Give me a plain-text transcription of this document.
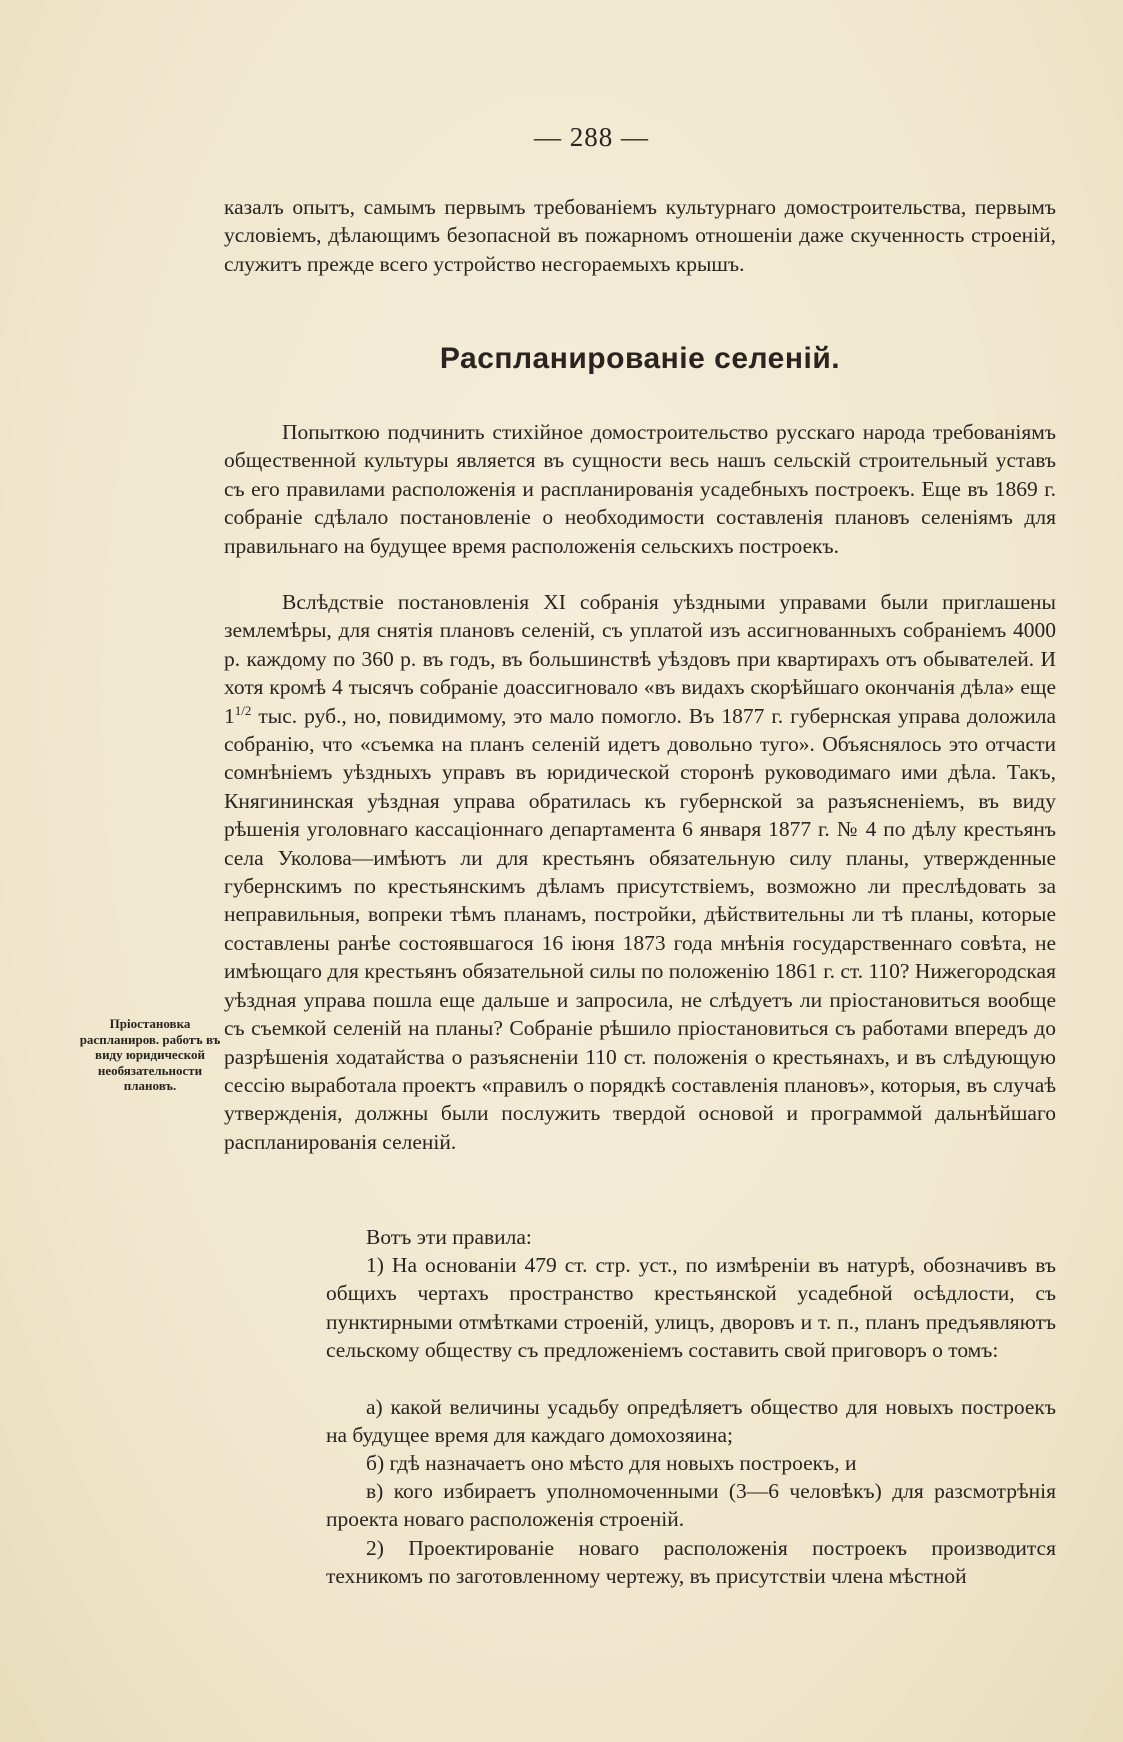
— 288 —

казалъ опытъ, самымъ первымъ требованіемъ культурнаго домостроительства, первымъ условіемъ, дѣлающимъ безопасной въ пожарномъ отношеніи даже скученность строеній, служитъ прежде всего устройство несгораемыхъ крышъ.

Распланированіе селеній.

Попыткою подчинить стихійное домостроительство русскаго народа требованіямъ общественной культуры является въ сущности весь нашъ сельскій строительный уставъ съ его правилами расположенія и распланированія усадебныхъ построекъ. Еще въ 1869 г. собраніе сдѣлало постановленіе о необходимости составленія плановъ селеніямъ для правильнаго на будущее время расположенія сельскихъ построекъ.

Вслѣдствіе постановленія XI собранія уѣздными управами были приглашены землемѣры, для снятія плановъ селеній, съ уплатой изъ ассигнованныхъ собраніемъ 4000 р. каждому по 360 р. въ годъ, въ большинствѣ уѣздовъ при квартирахъ отъ обывателей. И хотя кромѣ 4 тысячъ собраніе доассигновало «въ видахъ скорѣйшаго окончанія дѣла» еще $1^{1/2}$ тыс. руб., но, повидимому, это мало помогло. Въ 1877 г. губернская управа доложила собранію, что «съемка на планъ селеній идетъ довольно туго». Объяснялось это отчасти сомнѣніемъ уѣздныхъ управъ въ юридической сторонѣ руководимаго ими дѣла. Такъ, Княгининская уѣздная управа обратилась къ губернской за разъясненіемъ, въ виду рѣшенія уголовнаго кассаціоннаго департамента 6 января 1877 г. № 4 по дѣлу крестьянъ села Уколова—имѣютъ ли для крестьянъ обязательную силу планы, утвержденные губернскимъ по крестьянскимъ дѣламъ присутствіемъ, возможно ли преслѣдовать за неправильныя, вопреки тѣмъ планамъ, постройки, дѣйствительны ли тѣ планы, которые составлены ранѣе состоявшагося 16 іюня 1873 года мнѣнія государственнаго совѣта, не имѣющаго для крестьянъ обязательной силы по положенію 1861 г. ст. 110? Нижегородская уѣздная управа пошла еще дальше и запросила, не слѣдуетъ ли пріостановиться вообще съ съемкой селеній на планы? Собраніе рѣшило пріостановиться съ работами впередъ до разрѣшенія ходатайства о разъясненіи 110 ст. положенія о крестьянахъ, и въ слѣдующую сессію выработала проектъ «правилъ о порядкѣ составленія плановъ», которыя, въ случаѣ утвержденія, должны были послужить твердой основой и программой дальнѣйшаго распланированія селеній.

Пріостановка распланиров. работъ въ виду юридической необязательности плановъ.

Вотъ эти правила:

1) На основаніи 479 ст. стр. уст., по измѣреніи въ натурѣ, обозначивъ въ общихъ чертахъ пространство крестьянской усадебной осѣдлости, съ пунктирными отмѣтками строеній, улицъ, дворовъ и т. п., планъ предъявляютъ сельскому обществу съ предложеніемъ составить свой приговоръ о томъ:

а) какой величины усадьбу опредѣляетъ общество для новыхъ построекъ на будущее время для каждаго домохозяина;

б) гдѣ назначаетъ оно мѣсто для новыхъ построекъ, и

в) кого избираетъ уполномоченными (3—6 человѣкъ) для разсмотрѣнія проекта новаго расположенія строеній.

2) Проектированіе новаго расположенія построекъ производится техникомъ по заготовленному чертежу, въ присутствіи члена мѣстной
